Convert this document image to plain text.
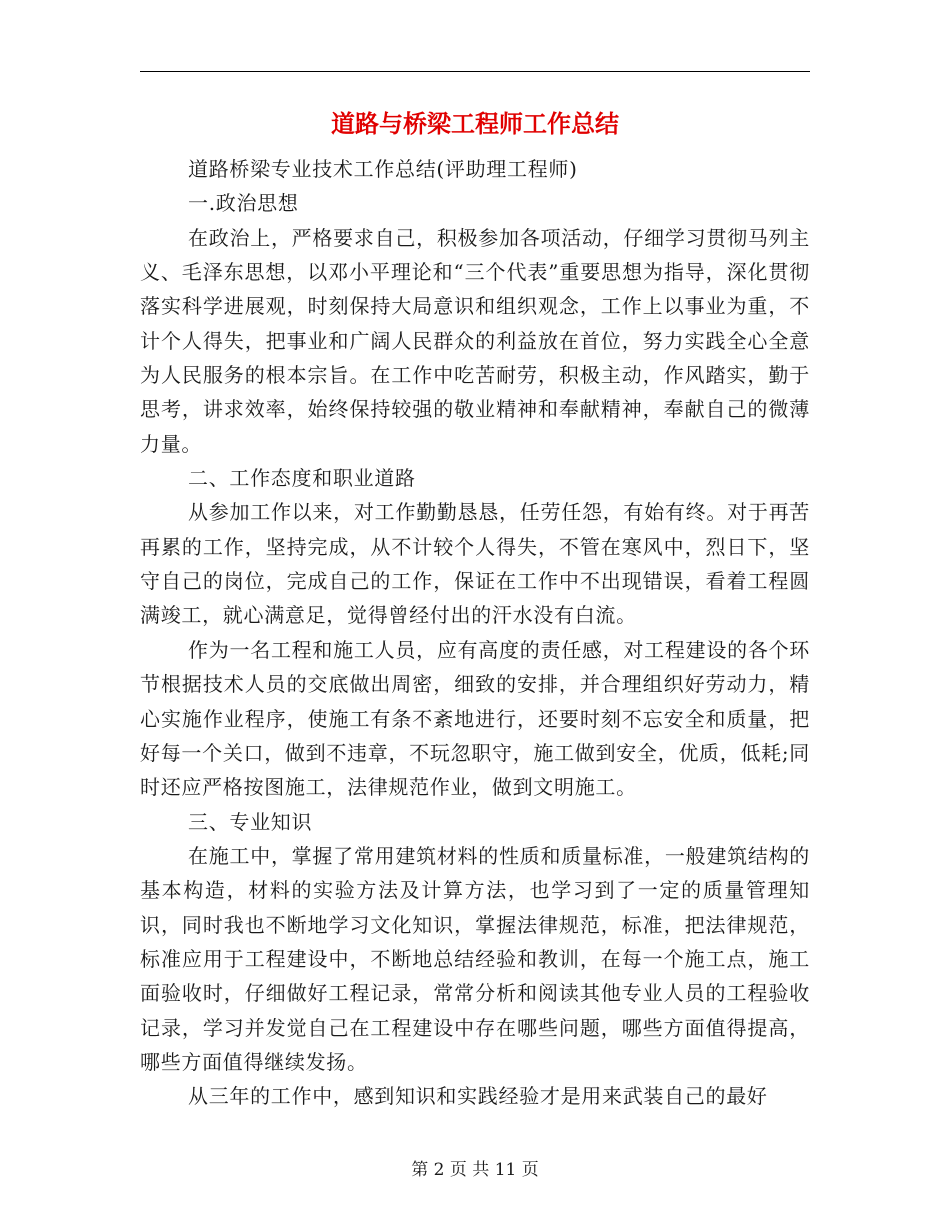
道路与桥梁工程师工作总结

道路桥梁专业技术工作总结(评助理工程师)

一.政治思想

在政治上，严格要求自己，积极参加各项活动，仔细学习贯彻马列主义、毛泽东思想，以邓小平理论和“三个代表”重要思想为指导，深化贯彻落实科学进展观，时刻保持大局意识和组织观念，工作上以事业为重，不计个人得失，把事业和广阔人民群众的利益放在首位，努力实践全心全意为人民服务的根本宗旨。在工作中吃苦耐劳，积极主动，作风踏实，勤于思考，讲求效率，始终保持较强的敬业精神和奉献精神，奉献自己的微薄力量。

二、工作态度和职业道路

从参加工作以来，对工作勤勤恳恳，任劳任怨，有始有终。对于再苦再累的工作，坚持完成，从不计较个人得失，不管在寒风中，烈日下，坚守自己的岗位，完成自己的工作，保证在工作中不出现错误，看着工程圆满竣工，就心满意足，觉得曾经付出的汗水没有白流。

作为一名工程和施工人员，应有高度的责任感，对工程建设的各个环节根据技术人员的交底做出周密，细致的安排，并合理组织好劳动力，精心实施作业程序，使施工有条不紊地进行，还要时刻不忘安全和质量，把好每一个关口，做到不违章，不玩忽职守，施工做到安全，优质，低耗;同时还应严格按图施工，法律规范作业，做到文明施工。

三、专业知识

在施工中，掌握了常用建筑材料的性质和质量标准，一般建筑结构的基本构造，材料的实验方法及计算方法，也学习到了一定的质量管理知识，同时我也不断地学习文化知识，掌握法律规范，标准，把法律规范，标准应用于工程建设中，不断地总结经验和教训，在每一个施工点，施工面验收时，仔细做好工程记录，常常分析和阅读其他专业人员的工程验收记录，学习并发觉自己在工程建设中存在哪些问题，哪些方面值得提高，哪些方面值得继续发扬。

从三年的工作中，感到知识和实践经验才是用来武装自己的最好

第 2 页 共 11 页
